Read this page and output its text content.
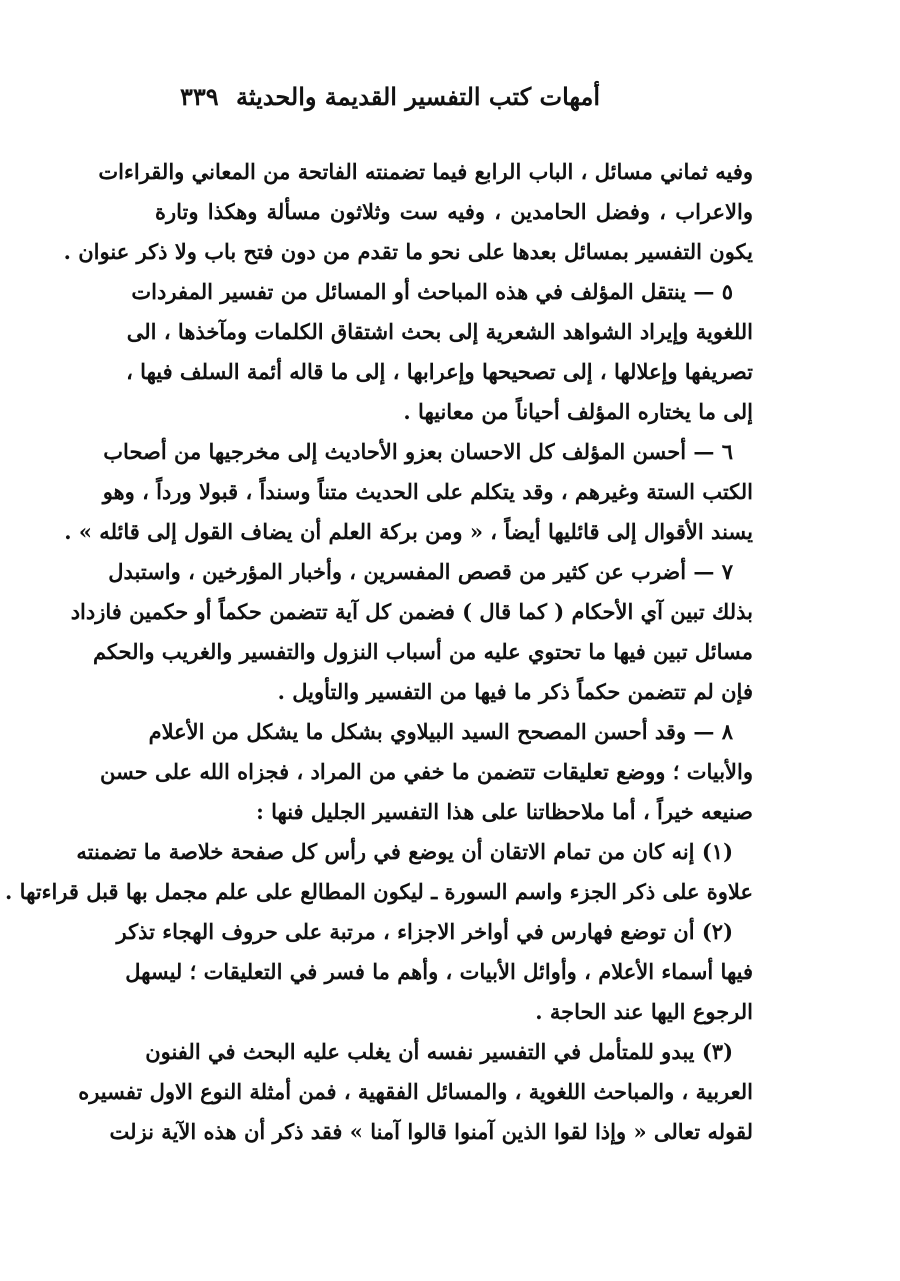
أمهات كتب التفسير القديمة والحديثة
٣٣٩
وفيه ثماني مسائل ، الباب الرابع فيما تضمنته الفاتحة من المعاني والقراءات
والاعراب ، وفضل الحامدين ، وفيه ست وثلاثون مسألة وهكذا وتارة
يكون التفسير بمسائل بعدها على نحو ما تقدم من دون فتح باب ولا ذكر عنوان .
٥ — ينتقل المؤلف في هذه المباحث أو المسائل من تفسير المفردات
اللغوية وإيراد الشواهد الشعرية إلى بحث اشتقاق الكلمات ومآخذها ، الى
تصريفها وإعلالها ، إلى تصحيحها وإعرابها ، إلى ما قاله أئمة السلف فيها ،
إلى ما يختاره المؤلف أحياناً من معانيها .
٦ — أحسن المؤلف كل الاحسان بعزو الأحاديث إلى مخرجيها من أصحاب
الكتب الستة وغيرهم ، وقد يتكلم على الحديث متناً وسنداً ، قبولا ورداً ، وهو
يسند الأقوال إلى قائليها أيضاً ، « ومن بركة العلم أن يضاف القول إلى قائله » .
٧ — أضرب عن كثير من قصص المفسرين ، وأخبار المؤرخين ، واستبدل
بذلك تبين آي الأحكام ( كما قال ) فضمن كل آية تتضمن حكماً أو حكمين فازداد
مسائل تبين فيها ما تحتوي عليه من أسباب النزول والتفسير والغريب والحكم
فإن لم تتضمن حكماً ذكر ما فيها من التفسير والتأويل .
٨ — وقد أحسن المصحح السيد البيلاوي بشكل ما يشكل من الأعلام
والأبيات ؛ ووضع تعليقات تتضمن ما خفي من المراد ، فجزاه الله على حسن
صنيعه خيراً ، أما ملاحظاتنا على هذا التفسير الجليل فنها :
(١) إنه كان من تمام الاتقان أن يوضع في رأس كل صفحة خلاصة ما تضمنته
علاوة على ذكر الجزء واسم السورة ـ ليكون المطالع على علم مجمل بها قبل قراءتها .
(٢) أن توضع فهارس في أواخر الاجزاء ، مرتبة على حروف الهجاء تذكر
فيها أسماء الأعلام ، وأوائل الأبيات ، وأهم ما فسر في التعليقات ؛ ليسهل
الرجوع اليها عند الحاجة .
(٣) يبدو للمتأمل في التفسير نفسه أن يغلب عليه البحث في الفنون
العربية ، والمباحث اللغوية ، والمسائل الفقهية ، فمن أمثلة النوع الاول تفسيره
لقوله تعالى « وإذا لقوا الذين آمنوا قالوا آمنا » فقد ذكر أن هذه الآية نزلت
